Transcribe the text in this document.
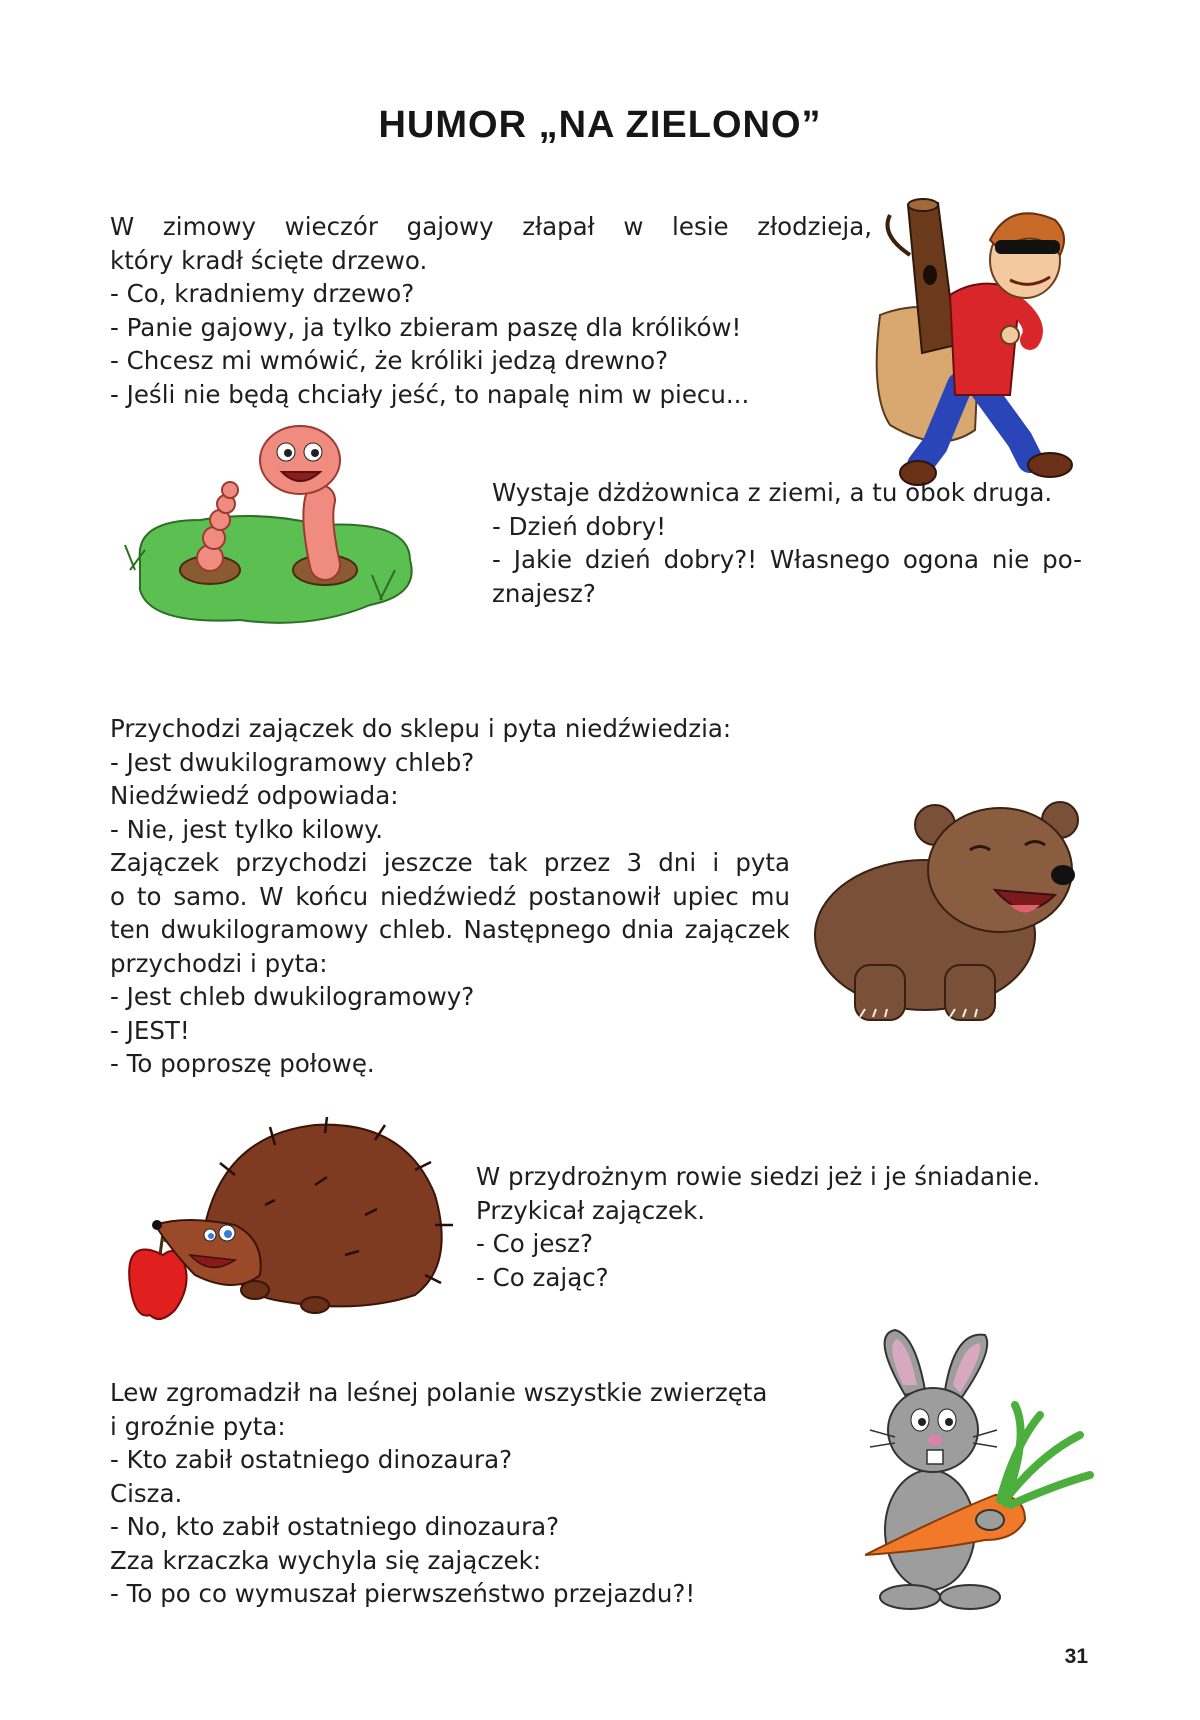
HUMOR „NA ZIELONO”
W zimowy wieczór gajowy złapał w lesie złodzieja,
który kradł ścięte drzewo.
- Co, kradniemy drzewo?
- Panie gajowy, ja tylko zbieram paszę dla królików!
- Chcesz mi wmówić, że króliki jedzą drewno?
- Jeśli nie będą chciały jeść, to napalę nim w piecu...
Wystaje dżdżownica z ziemi, a tu obok druga.
- Dzień dobry!
- Jakie dzień dobry?! Własnego ogona nie po-
znajesz?
Przychodzi zajączek do sklepu i pyta niedźwiedzia:
- Jest dwukilogramowy chleb?
Niedźwiedź odpowiada:
- Nie, jest tylko kilowy.
Zajączek przychodzi jeszcze tak przez 3 dni i pyta
o to samo. W końcu niedźwiedź postanowił upiec mu
ten dwukilogramowy chleb. Następnego dnia zajączek
przychodzi i pyta:
- Jest chleb dwukilogramowy?
- JEST!
- To poproszę połowę.
W przydrożnym rowie siedzi jeż i je śniadanie.
Przykicał zajączek.
- Co jesz?
- Co zając?
Lew zgromadził na leśnej polanie wszystkie zwierzęta
i groźnie pyta:
- Kto zabił ostatniego dinozaura?
Cisza.
- No, kto zabił ostatniego dinozaura?
Zza krzaczka wychyla się zajączek:
- To po co wymuszał pierwszeństwo przejazdu?!
31
